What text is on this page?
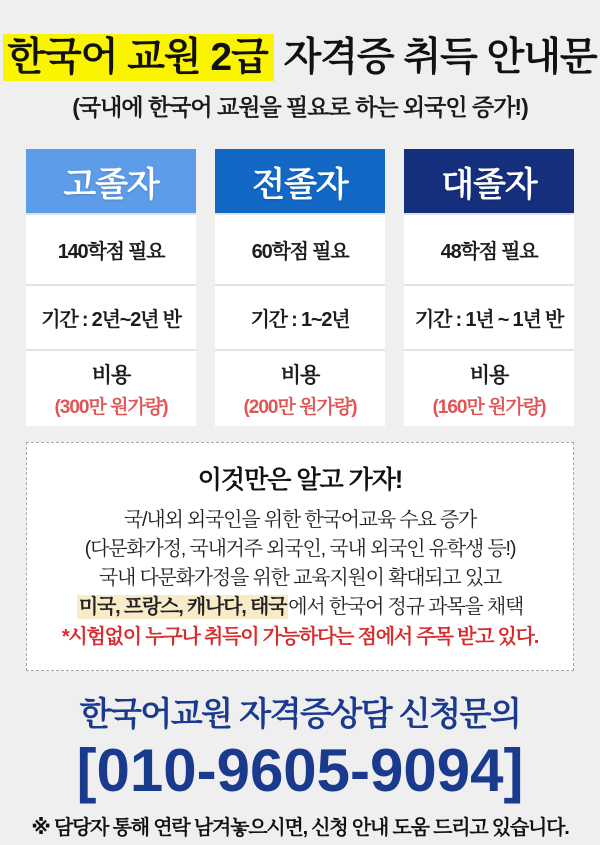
한국어 교원 2급 자격증 취득 안내문
(국내에 한국어 교원을 필요로 하는 외국인 증가!)
고졸자
140학점 필요
기간 : 2년~2년 반
비용
(300만 원가량)
전졸자
60학점 필요
기간 : 1~2년
비용
(200만 원가량)
대졸자
48학점 필요
기간 : 1년 ~ 1년 반
비용
(160만 원가량)
이것만은 알고 가자!
국/내외 외국인을 위한 한국어교육 수요 증가
(다문화가정, 국내거주 외국인, 국내 외국인 유학생 등!)
국내 다문화가정을 위한 교육지원이 확대되고 있고
미국, 프랑스, 캐나다, 태국 에서 한국어 정규 과목을 채택
*시험없이 누구나 취득이 가능하다는 점에서 주목 받고 있다.
한국어교원 자격증상담 신청문의
[010-9605-9094]
※ 담당자 통해 연락 남겨놓으시면, 신청 안내 도움 드리고 있습니다.
